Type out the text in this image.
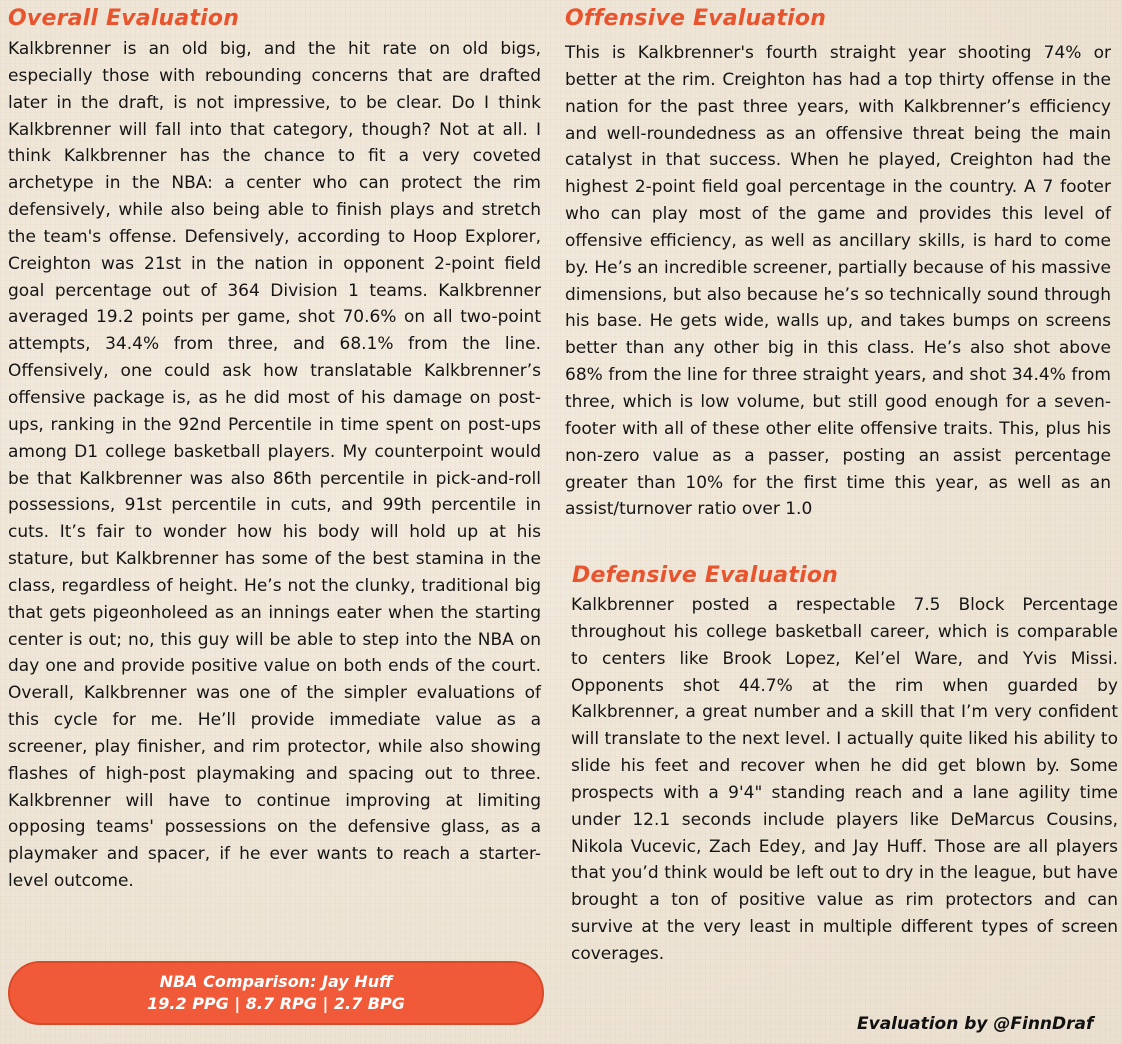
Overall Evaluation

Kalkbrenner is an old big, and the hit rate on old bigs, especially those with rebounding concerns that are drafted later in the draft, is not impressive, to be clear. Do I think Kalkbrenner will fall into that category, though? Not at all. I think Kalkbrenner has the chance to fit a very coveted archetype in the NBA: a center who can protect the rim defensively, while also being able to finish plays and stretch the team's offense. Defensively, according to Hoop Explorer, Creighton was 21st in the nation in opponent 2-point field goal percentage out of 364 Division 1 teams. Kalkbrenner averaged 19.2 points per game, shot 70.6% on all two-point attempts, 34.4% from three, and 68.1% from the line. Offensively, one could ask how translatable Kalkbrenner’s offensive package is, as he did most of his damage on post-ups, ranking in the 92nd Percentile in time spent on post-ups among D1 college basketball players. My counterpoint would be that Kalkbrenner was also 86th percentile in pick-and-roll possessions, 91st percentile in cuts, and 99th percentile in cuts. It’s fair to wonder how his body will hold up at his stature, but Kalkbrenner has some of the best stamina in the class, regardless of height. He’s not the clunky, traditional big that gets pigeonholeed as an innings eater when the starting center is out; no, this guy will be able to step into the NBA on day one and provide positive value on both ends of the court. Overall, Kalkbrenner was one of the simpler evaluations of this cycle for me. He’ll provide immediate value as a screener, play finisher, and rim protector, while also showing flashes of high-post playmaking and spacing out to three. Kalkbrenner will have to continue improving at limiting opposing teams' possessions on the defensive glass, as a playmaker and spacer, if he ever wants to reach a starter-level outcome.

Offensive Evaluation

This is Kalkbrenner's fourth straight year shooting 74% or better at the rim. Creighton has had a top thirty offense in the nation for the past three years, with Kalkbrenner’s efficiency and well-roundedness as an offensive threat being the main catalyst in that success. When he played, Creighton had the highest 2-point field goal percentage in the country. A 7 footer who can play most of the game and provides this level of offensive efficiency, as well as ancillary skills, is hard to come by. He’s an incredible screener, partially because of his massive dimensions, but also because he’s so technically sound through his base. He gets wide, walls up, and takes bumps on screens better than any other big in this class. He’s also shot above 68% from the line for three straight years, and shot 34.4% from three, which is low volume, but still good enough for a seven-footer with all of these other elite offensive traits. This, plus his non-zero value as a passer, posting an assist percentage greater than 10% for the first time this year, as well as an assist/turnover ratio over 1.0

Defensive Evaluation

Kalkbrenner posted a respectable 7.5 Block Percentage throughout his college basketball career, which is comparable to centers like Brook Lopez, Kel’el Ware, and Yvis Missi. Opponents shot 44.7% at the rim when guarded by Kalkbrenner, a great number and a skill that I’m very confident will translate to the next level. I actually quite liked his ability to slide his feet and recover when he did get blown by. Some prospects with a 9'4" standing reach and a lane agility time under 12.1 seconds include players like DeMarcus Cousins, Nikola Vucevic, Zach Edey, and Jay Huff. Those are all players that you’d think would be left out to dry in the league, but have brought a ton of positive value as rim protectors and can survive at the very least in multiple different types of screen coverages.

NBA Comparison: Jay Huff
19.2 PPG | 8.7 RPG | 2.7 BPG
Evaluation by @FinnDraf
